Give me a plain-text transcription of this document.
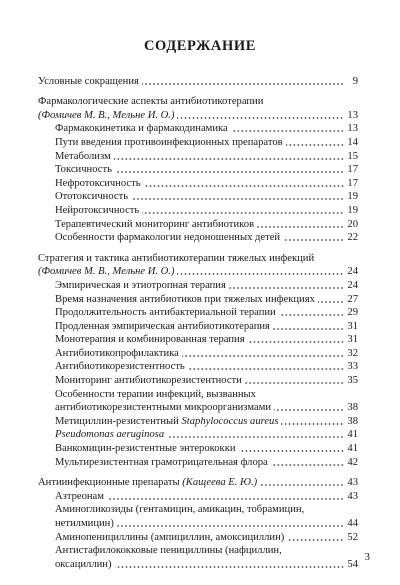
СОДЕРЖАНИЕ
Условные сокращения	9
Фармакологические аспекты антибиотикотерапии
(Фомичев М. В., Мельне И. О.)	13
Фармакокинетика и фармакодинамика	13
Пути введения противоинфекционных препаратов	14
Метаболизм	15
Токсичность	17
Нефротоксичность	17
Ототоксичность	19
Нейротоксичность	19
Терапевтический мониторинг антибиотиков	20
Особенности фармакологии недоношенных детей	22
Стратегия и тактика антибиотикотерапии тяжелых инфекций
(Фомичев М. В., Мельне И. О.)	24
Эмпирическая и этиотропная терапия	24
Время назначения антибиотиков при тяжелых инфекциях	27
Продолжительность антибактериальной терапии	29
Продленная эмпирическая антибиотикотерапия	31
Монотерапия и комбинированная терапия	31
Антибиотикопрофилактика	32
Антибиотикорезистентность	33
Мониторинг антибиотикорезистентности	35
Особенности терапии инфекций, вызванных
антибиотикорезистентными микроорганизмами	38
Метициллин-резистентный Staphylococcus aureus	38
Pseudomonas aeruginosa	41
Ванкомицин-резистентные энтерококки	41
Мультирезистентная грамотрицательная флора	42
Антиинфекционные препараты (Кащеева Е. Ю.)	43
Азтреонам	43
Аминогликозиды (гентамицин, амикацин, тобрамицин,
нетилмицин)	44
Аминопенициллины (ампициллин, амоксициллин)	52
Антистафилококковые пенициллины (нафциллин,
оксациллин)	54
3
